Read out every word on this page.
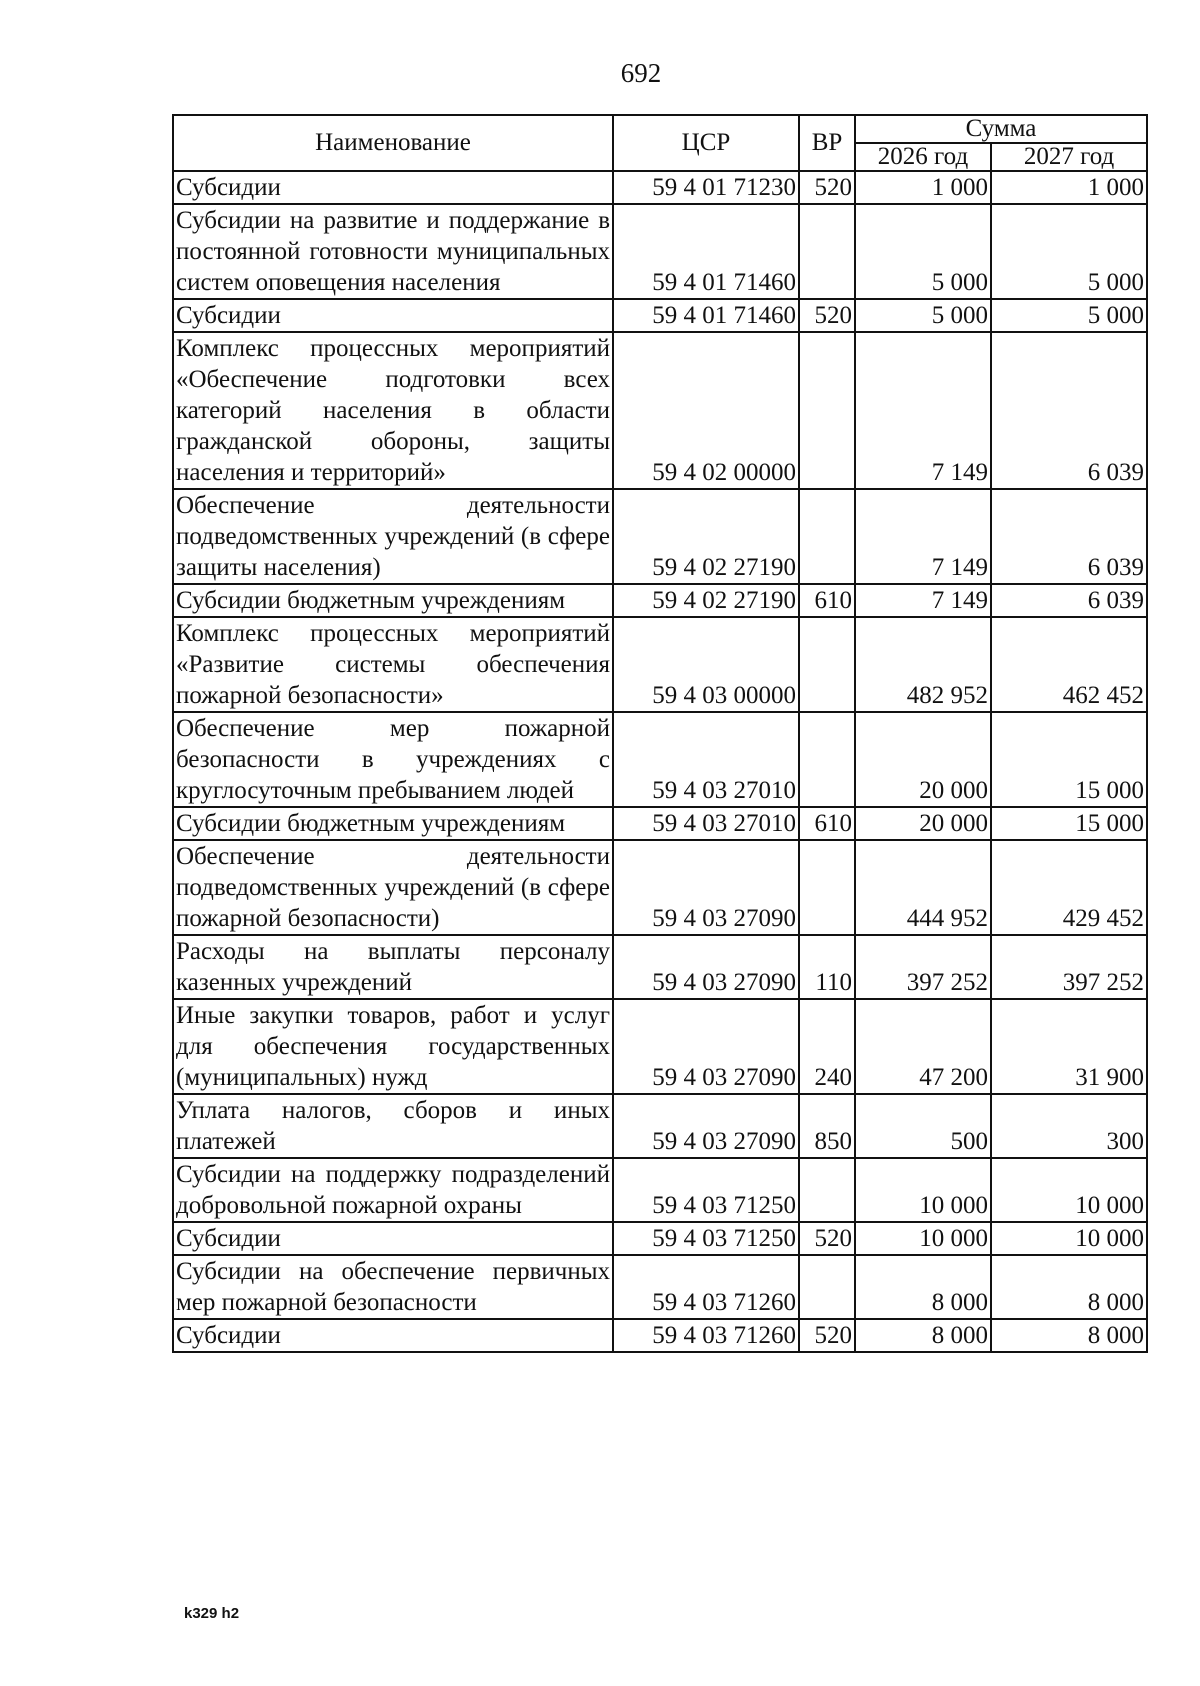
692
Наименование	ЦСР	ВР	Сумма	
			2026 год	2027 год
Субсидии	59 4 01 71230	520	1 000	1 000
Субсидии на развитие и поддержание в постоянной готовности муниципальных систем оповещения населения	59 4 01 71460		5 000	5 000
Субсидии	59 4 01 71460	520	5 000	5 000
Комплекс процессных мероприятий «Обеспечение подготовки всех категорий населения в области гражданской обороны, защиты населения и территорий»	59 4 02 00000		7 149	6 039
Обеспечение деятельности подведомственных учреждений (в сфере защиты населения)	59 4 02 27190		7 149	6 039
Субсидии бюджетным учреждениям	59 4 02 27190	610	7 149	6 039
Комплекс процессных мероприятий «Развитие системы обеспечения пожарной безопасности»	59 4 03 00000		482 952	462 452
Обеспечение мер пожарной безопасности в учреждениях с круглосуточным пребыванием людей	59 4 03 27010		20 000	15 000
Субсидии бюджетным учреждениям	59 4 03 27010	610	20 000	15 000
Обеспечение деятельности подведомственных учреждений (в сфере пожарной безопасности)	59 4 03 27090		444 952	429 452
Расходы на выплаты персоналу казенных учреждений	59 4 03 27090	110	397 252	397 252
Иные закупки товаров, работ и услуг для обеспечения государственных (муниципальных) нужд	59 4 03 27090	240	47 200	31 900
Уплата налогов, сборов и иных платежей	59 4 03 27090	850	500	300
Субсидии на поддержку подразделений добровольной пожарной охраны	59 4 03 71250		10 000	10 000
Субсидии	59 4 03 71250	520	10 000	10 000
Субсидии на обеспечение первичных мер пожарной безопасности	59 4 03 71260		8 000	8 000
Субсидии	59 4 03 71260	520	8 000	8 000
k329 h2
